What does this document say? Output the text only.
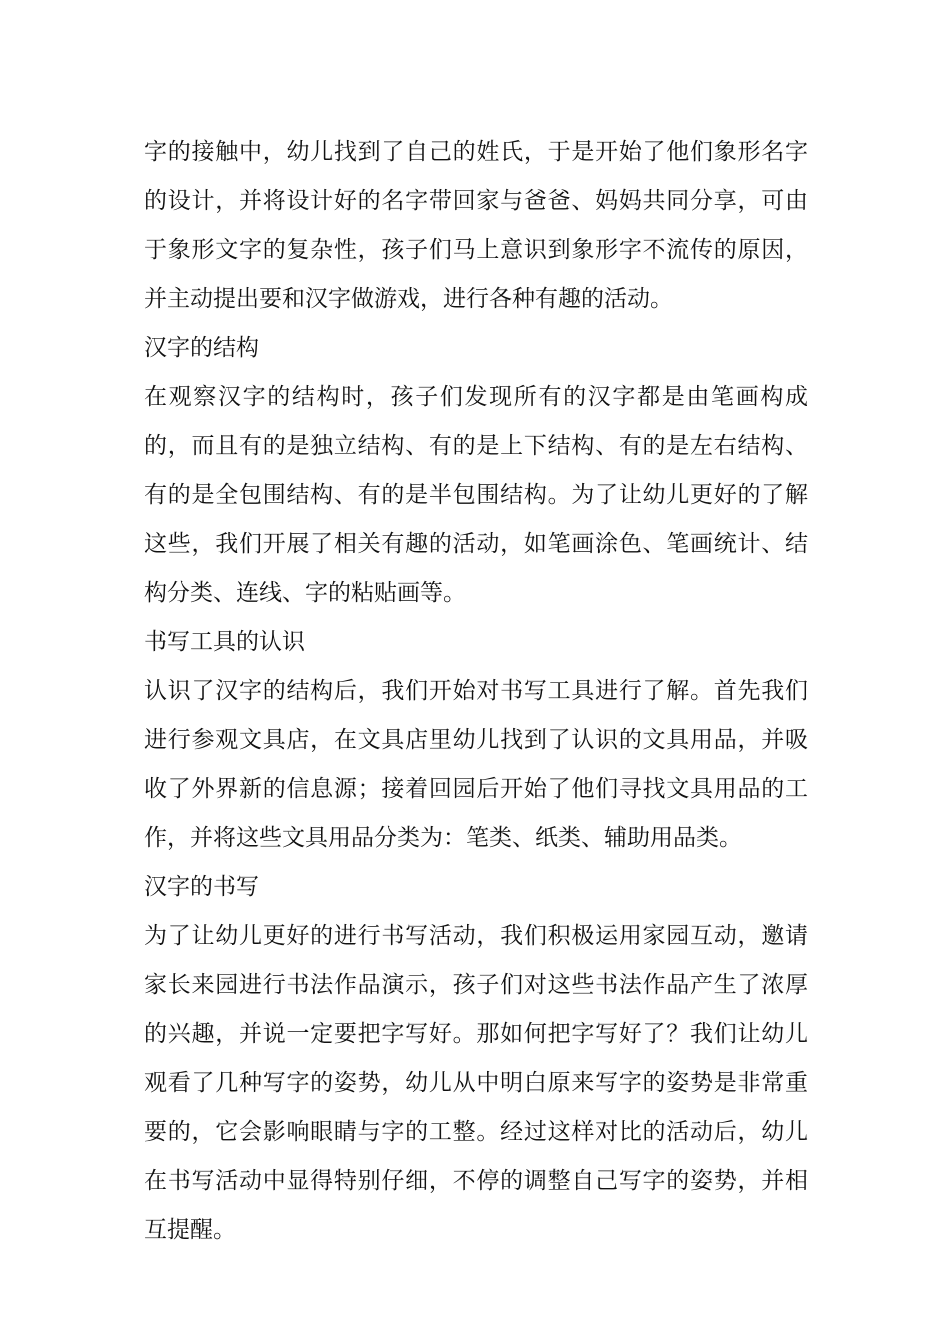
字的接触中，幼儿找到了自己的姓氏，于是开始了他们象形名字的设计，并将设计好的名字带回家与爸爸、妈妈共同分享，可由于象形文字的复杂性，孩子们马上意识到象形字不流传的原因，并主动提出要和汉字做游戏，进行各种有趣的活动。

汉字的结构

在观察汉字的结构时，孩子们发现所有的汉字都是由笔画构成的，而且有的是独立结构、有的是上下结构、有的是左右结构、有的是全包围结构、有的是半包围结构。为了让幼儿更好的了解这些，我们开展了相关有趣的活动，如笔画涂色、笔画统计、结构分类、连线、字的粘贴画等。

书写工具的认识

认识了汉字的结构后，我们开始对书写工具进行了解。首先我们进行参观文具店，在文具店里幼儿找到了认识的文具用品，并吸收了外界新的信息源；接着回园后开始了他们寻找文具用品的工作，并将这些文具用品分类为：笔类、纸类、辅助用品类。

汉字的书写

为了让幼儿更好的进行书写活动，我们积极运用家园互动，邀请家长来园进行书法作品演示，孩子们对这些书法作品产生了浓厚的兴趣，并说一定要把字写好。那如何把字写好了？我们让幼儿观看了几种写字的姿势，幼儿从中明白原来写字的姿势是非常重要的，它会影响眼睛与字的工整。经过这样对比的活动后，幼儿在书写活动中显得特别仔细，不停的调整自己写字的姿势，并相互提醒。
